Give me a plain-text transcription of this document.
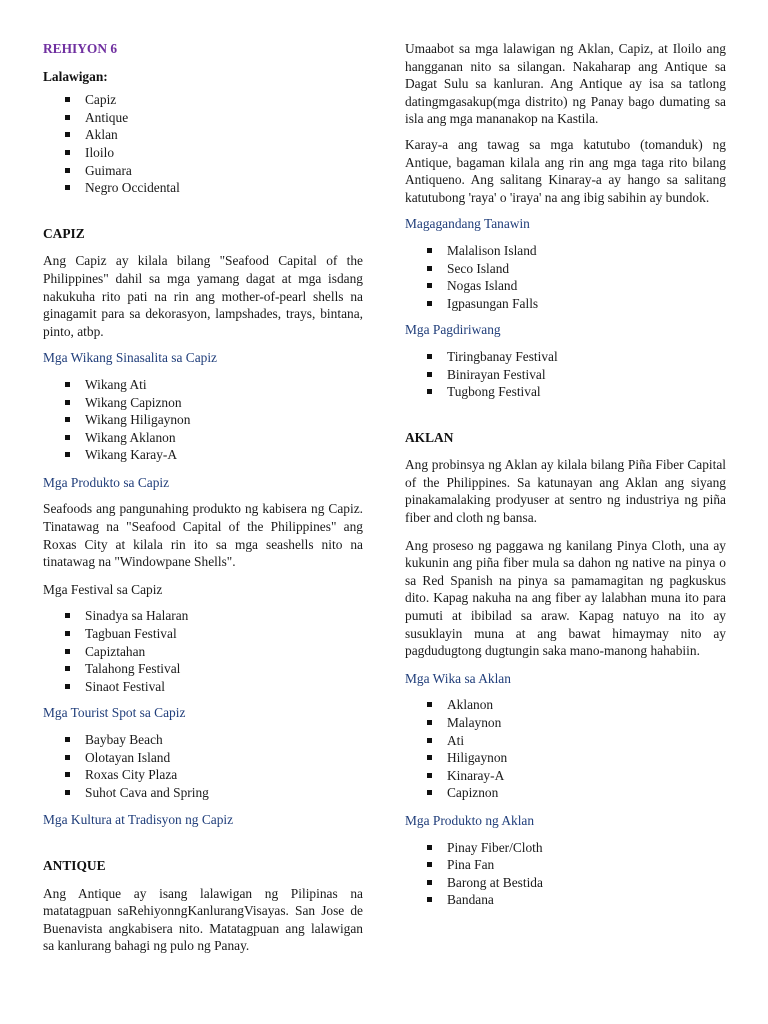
REHIYON 6
Lalawigan:
Capiz
Antique
Aklan
Iloilo
Guimara
Negro Occidental
CAPIZ

Ang Capiz ay kilala bilang "Seafood Capital of the Philippines" dahil sa mga yamang dagat at mga isdang nakukuha rito pati na rin ang mother-of-pearl shells na ginagamit para sa dekorasyon, lampshades, trays, bintana, pinto, atbp.

Mga Wikang Sinasalita sa Capiz
Wikang Ati
Wikang Capiznon
Wikang Hiligaynon
Wikang Aklanon
Wikang Karay-A
Mga Produkto sa Capiz

Seafoods ang pangunahing produkto ng kabisera ng Capiz. Tinatawag na "Seafood Capital of the Philippines" ang Roxas City at kilala rin ito sa mga seashells nito na tinatawag na "Windowpane Shells".

Mga Festival sa Capiz
Sinadya sa Halaran
Tagbuan Festival
Capiztahan
Talahong Festival
Sinaot Festival
Mga Tourist Spot sa Capiz
Baybay Beach
Olotayan Island
Roxas City Plaza
Suhot Cava and Spring
Mga Kultura at Tradisyon ng Capiz
ANTIQUE

Ang Antique ay isang lalawigan ng Pilipinas na matatagpuan saRehiyonngKanlurangVisayas. San Jose de Buenavista angkabisera nito. Matatagpuan ang lalawigan sa kanlurang bahagi ng pulo ng Panay.

Umaabot sa mga lalawigan ng Aklan, Capiz, at Iloilo ang hangganan nito sa silangan. Nakaharap ang Antique sa Dagat Sulu sa kanluran. Ang Antique ay isa sa tatlong datingmgasakup(mga distrito) ng Panay bago dumating sa isla ang mga mananakop na Kastila.

Karay-a ang tawag sa mga katutubo (tomanduk) ng Antique, bagaman kilala ang rin ang mga taga rito bilang Antiqueno. Ang salitang Kinaray-a ay hango sa salitang katutubong 'raya' o 'iraya' na ang ibig sabihin ay bundok.

Magagandang Tanawin
Malalison Island
Seco Island
Nogas Island
Igpasungan Falls
Mga Pagdiriwang
Tiringbanay Festival
Binirayan Festival
Tugbong Festival
AKLAN

Ang probinsya ng Aklan ay kilala bilang Piña Fiber Capital of the Philippines. Sa katunayan ang Aklan ang siyang pinakamalaking prodyuser at sentro ng industriya ng piña fiber and cloth ng bansa.

Ang proseso ng paggawa ng kanilang Pinya Cloth, una ay kukunin ang piña fiber mula sa dahon ng native na pinya o sa Red Spanish na pinya sa pamamagitan ng pagkuskus dito. Kapag nakuha na ang fiber ay lalabhan muna ito para pumuti at ibibilad sa araw. Kapag natuyo na ito ay susuklayin muna at ang bawat himaymay nito ay pagdudugtong dugtungin saka mano-manong hahabiin.

Mga Wika sa Aklan
Aklanon
Malaynon
Ati
Hiligaynon
Kinaray-A
Capiznon
Mga Produkto ng Aklan
Pinay Fiber/Cloth
Pina Fan
Barong at Bestida
Bandana
